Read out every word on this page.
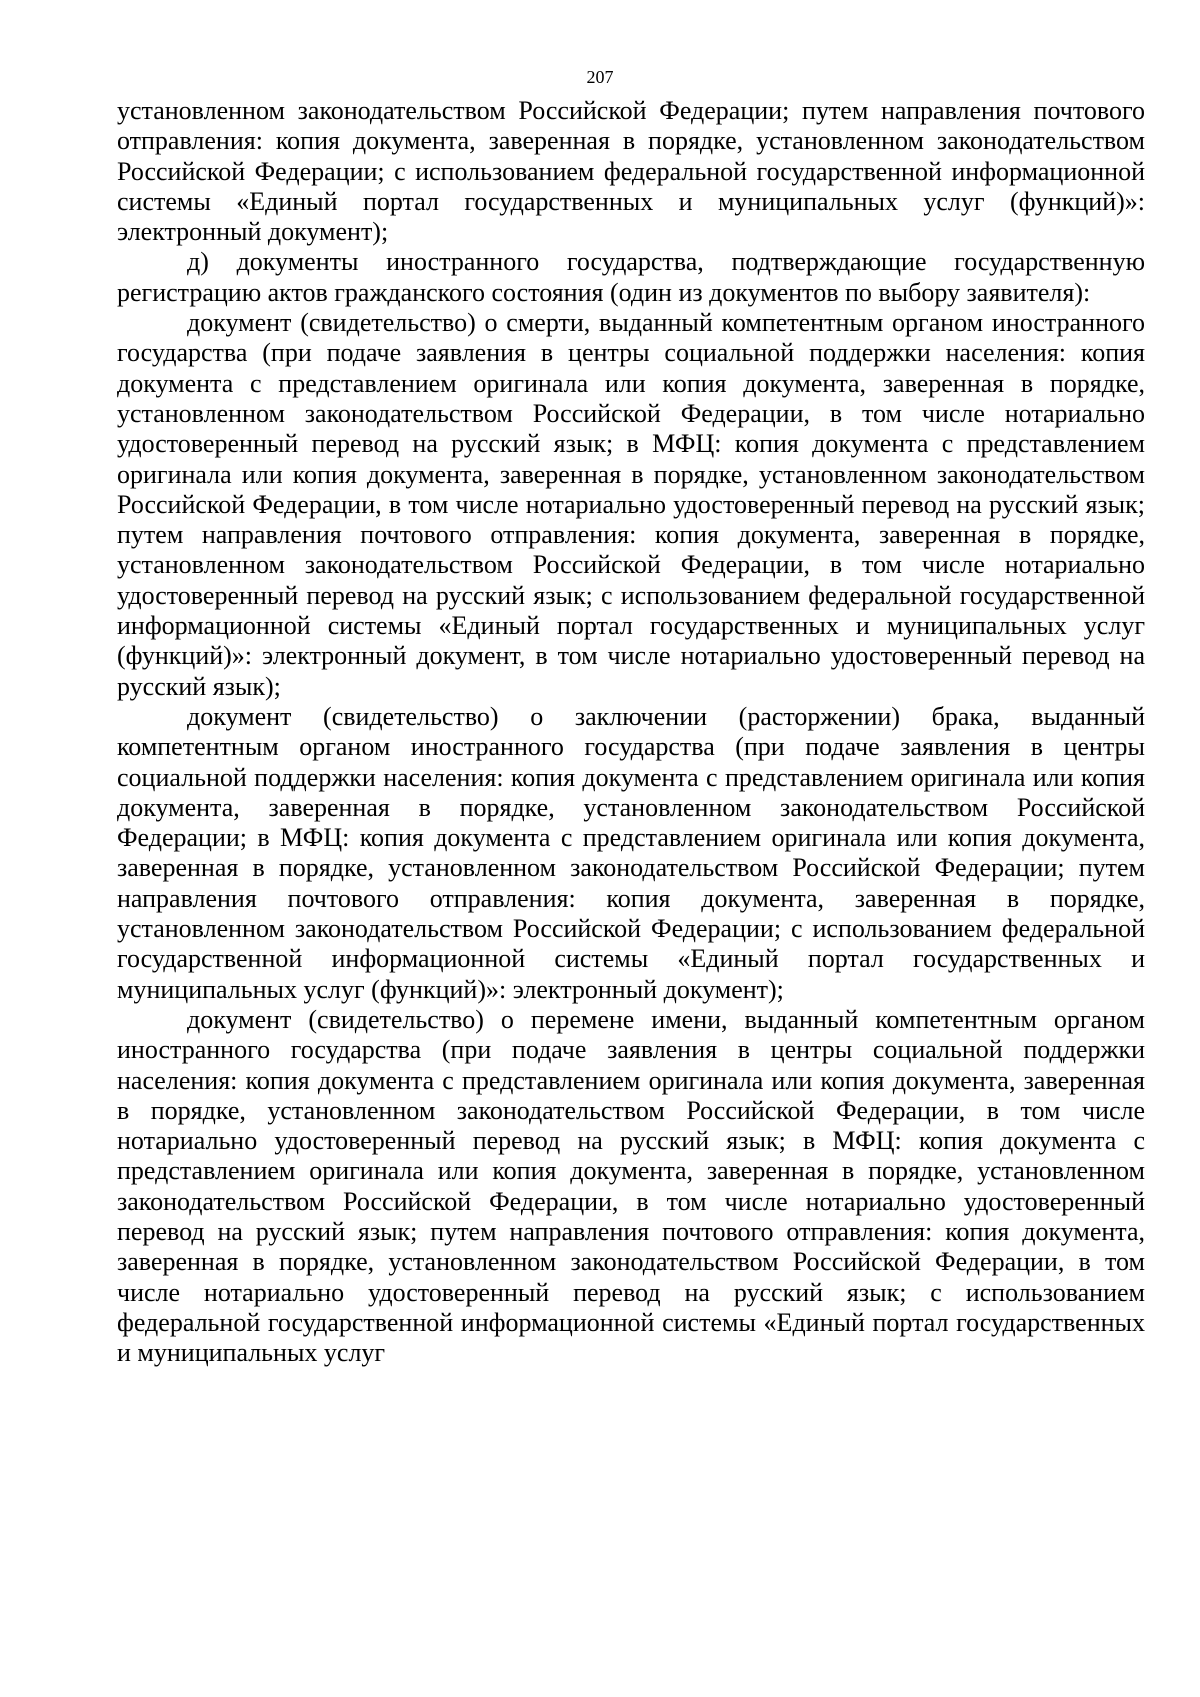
207

установленном законодательством Российской Федерации; путем направления почтового отправления: копия документа, заверенная в порядке, установленном законодательством Российской Федерации; с использованием федеральной государственной информационной системы «Единый портал государственных и муниципальных услуг (функций)»: электронный документ);

д) документы иностранного государства, подтверждающие государственную регистрацию актов гражданского состояния (один из документов по выбору заявителя):

документ (свидетельство) о смерти, выданный компетентным органом иностранного государства (при подаче заявления в центры социальной поддержки населения: копия документа с представлением оригинала или копия документа, заверенная в порядке, установленном законодательством Российской Федерации, в том числе нотариально удостоверенный перевод на русский язык; в МФЦ: копия документа с представлением оригинала или копия документа, заверенная в порядке, установленном законодательством Российской Федерации, в том числе нотариально удостоверенный перевод на русский язык; путем направления почтового отправления: копия документа, заверенная в порядке, установленном законодательством Российской Федерации, в том числе нотариально удостоверенный перевод на русский язык; с использованием федеральной государственной информационной системы «Единый портал государственных и муниципальных услуг (функций)»: электронный документ, в том числе нотариально удостоверенный перевод на русский язык);

документ (свидетельство) о заключении (расторжении) брака, выданный компетентным органом иностранного государства (при подаче заявления в центры социальной поддержки населения: копия документа с представлением оригинала или копия документа, заверенная в порядке, установленном законодательством Российской Федерации; в МФЦ: копия документа с представлением оригинала или копия документа, заверенная в порядке, установленном законодательством Российской Федерации; путем направления почтового отправления: копия документа, заверенная в порядке, установленном законодательством Российской Федерации; с использованием федеральной государственной информационной системы «Единый портал государственных и муниципальных услуг (функций)»: электронный документ);

документ (свидетельство) о перемене имени, выданный компетентным органом иностранного государства (при подаче заявления в центры социальной поддержки населения: копия документа с представлением оригинала или копия документа, заверенная в порядке, установленном законодательством Российской Федерации, в том числе нотариально удостоверенный перевод на русский язык; в МФЦ: копия документа с представлением оригинала или копия документа, заверенная в порядке, установленном законодательством Российской Федерации, в том числе нотариально удостоверенный перевод на русский язык; путем направления почтового отправления: копия документа, заверенная в порядке, установленном законодательством Российской Федерации, в том числе нотариально удостоверенный перевод на русский язык; с использованием федеральной государственной информационной системы «Единый портал государственных и муниципальных услуг
